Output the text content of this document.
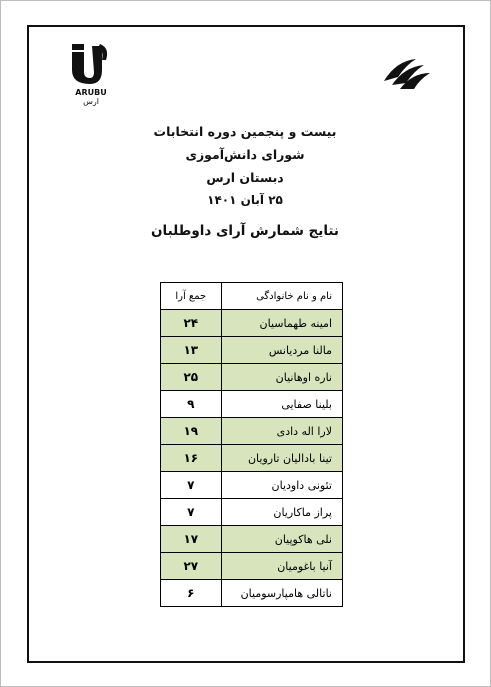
ARUBU
ارس
بیست و پنجمین دوره انتخابات
شورای دانش‌آموزی
دبستان ارس
۲۵ آبان ۱۴۰۱
نتایج شمارش آرای داوطلبان
نام و نام خانوادگی	جمع آرا
امینه طهماسیان	۲۴
مالنا مردیانس	۱۳
ناره اوهانیان	۲۵
بلینا صفایی	۹
لارا اله دادی	۱۹
تینا بادالیان تارویان	۱۶
تئونی داودیان	۷
پراز ماکاریان	۷
نلی هاکوپیان	۱۷
آنیا باغومیان	۲۷
ناتالی هامپارسومیان	۶
